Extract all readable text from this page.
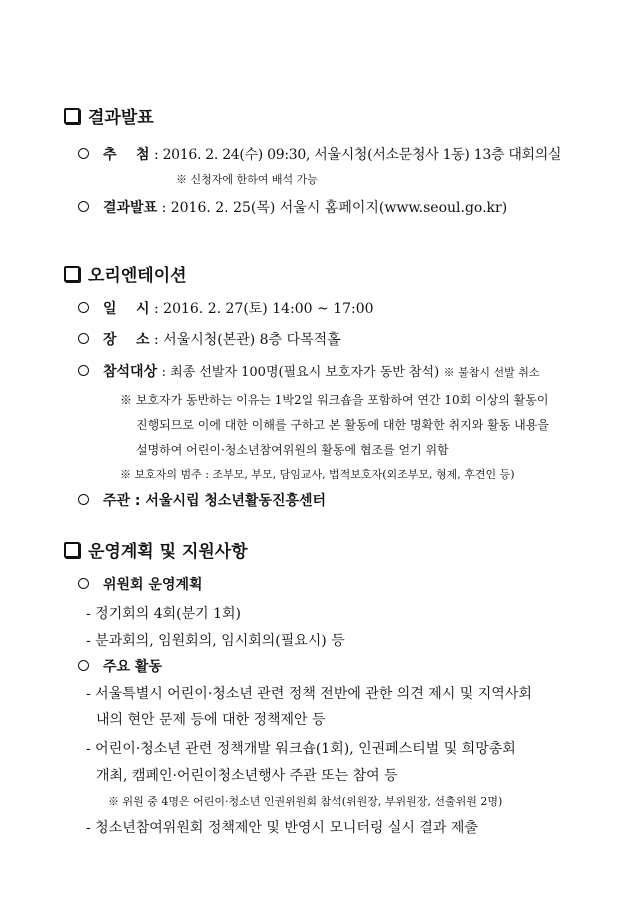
결과발표
추    첨 : 2016. 2. 24(수) 09:30, 서울시청(서소문청사 1동) 13층 대회의실
※ 신청자에 한하여 배석 가능
결과발표 : 2016. 2. 25(목) 서울시 홈페이지(www.seoul.go.kr)
오리엔테이션
일    시 : 2016. 2. 27(토) 14:00 ~ 17:00
장    소 : 서울시청(본관) 8층 다목적홀
참석대상 : 최종 선발자 100명(필요시 보호자가 동반 참석) ※ 불참시 선발 취소
※ 보호자가 동반하는 이유는 1박2일 워크숍을 포함하여 연간 10회 이상의 활동이
진행되므로 이에 대한 이해를 구하고 본 활동에 대한 명확한 취지와 활동 내용을
설명하여 어린이·청소년참여위원의 활동에 협조를 얻기 위함
※ 보호자의 범주 : 조부모, 부모, 담임교사, 법적보호자(외조부모, 형제, 후견인 등)
주관 : 서울시립 청소년활동진흥센터
운영계획 및 지원사항
위원회 운영계획
- 정기회의 4회(분기 1회)
- 분과회의, 임원회의, 임시회의(필요시) 등
주요 활동
- 서울특별시 어린이·청소년 관련 정책 전반에 관한 의견 제시 및 지역사회
내의 현안 문제 등에 대한 정책제안 등
- 어린이·청소년 관련 정책개발 워크숍(1회), 인권페스티벌 및 희망총회
개최, 캠페인·어린이청소년행사 주관 또는 참여 등
※ 위원 중 4명은 어린이·청소년 인권위원회 참석(위원장, 부위원장, 선출위원 2명)
- 청소년참여위원회 정책제안 및 반영시 모니터링 실시 결과 제출
